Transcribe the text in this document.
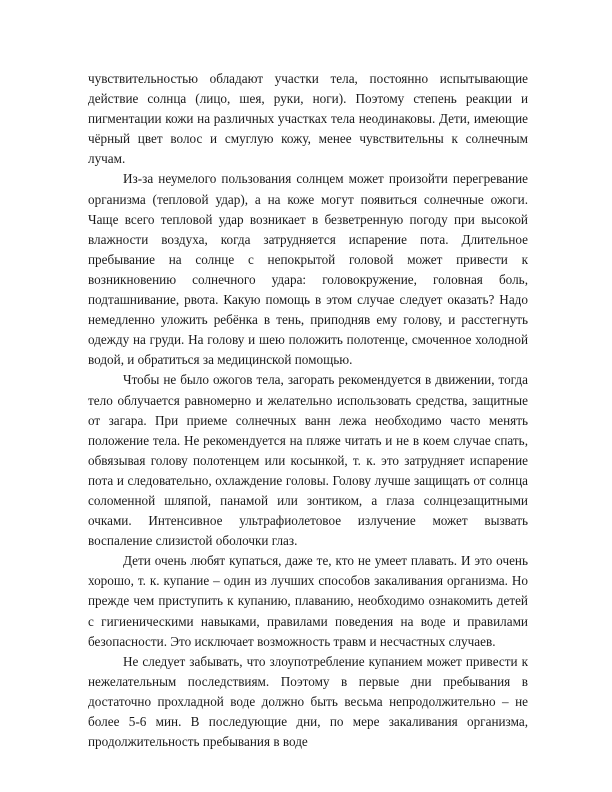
чувствительностью обладают участки тела, постоянно испытывающие действие солнца (лицо, шея, руки, ноги). Поэтому степень реакции и пигментации кожи на различных участках тела неодинаковы. Дети, имеющие чёрный цвет волос и смуглую кожу, менее чувствительны к солнечным лучам.

Из-за неумелого пользования солнцем может произойти перегревание организма (тепловой удар), а на коже могут появиться солнечные ожоги. Чаще всего тепловой удар возникает в безветренную погоду при высокой влажности воздуха, когда затрудняется испарение пота. Длительное пребывание на солнце с непокрытой головой может привести к возникновению солнечного удара: головокружение, головная боль, подташнивание, рвота. Какую помощь в этом случае следует оказать? Надо немедленно уложить ребёнка в тень, приподняв ему голову, и расстегнуть одежду на груди. На голову и шею положить полотенце, смоченное холодной водой, и обратиться за медицинской помощью.

Чтобы не было ожогов тела, загорать рекомендуется в движении, тогда тело облучается равномерно и желательно использовать средства, защитные от загара. При приеме солнечных ванн лежа необходимо часто менять положение тела. Не рекомендуется на пляже читать и не в коем случае спать, обвязывая голову полотенцем или косынкой, т. к. это затрудняет испарение пота и следовательно, охлаждение головы. Голову лучше защищать от солнца соломенной шляпой, панамой или зонтиком, а глаза солнцезащитными очками. Интенсивное ультрафиолетовое излучение может вызвать воспаление слизистой оболочки глаз.

Дети очень любят купаться, даже те, кто не умеет плавать. И это очень хорошо, т. к. купание – один из лучших способов закаливания организма. Но прежде чем приступить к купанию, плаванию, необходимо ознакомить детей с гигиеническими навыками, правилами поведения на воде и правилами безопасности. Это исключает возможность травм и несчастных случаев.

Не следует забывать, что злоупотребление купанием может привести к нежелательным последствиям. Поэтому в первые дни пребывания в достаточно прохладной воде должно быть весьма непродолжительно – не более 5-6 мин. В последующие дни, по мере закаливания организма, продолжительность пребывания в воде
